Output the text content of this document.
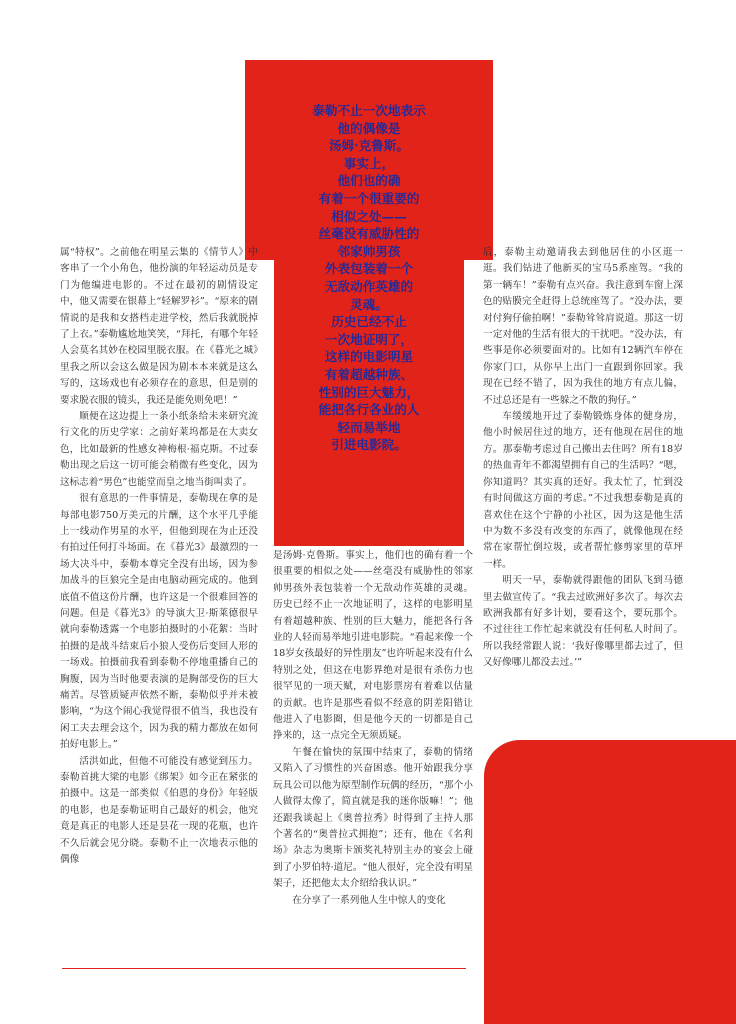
泰勒不止一次地表示
他的偶像是
汤姆·克鲁斯。
事实上，
他们也的确
有着一个很重要的
相似之处——
丝毫没有威胁性的
邻家帅男孩
外表包装着一个
无敌动作英雄的
灵魂。
历史已经不止
一次地证明了，
这样的电影明星
有着超越种族、
性别的巨大魅力，
能把各行各业的人
轻而易举地
引进电影院。

属“特权”。之前他在明星云集的《情节人》中客串了一个小角色，他扮演的年轻运动员是专门为他编进电影的。不过在最初的剧情设定中，他又需要在银幕上“轻解罗衫”。“原来的剧情说的是我和女搭档走进学校，然后我就脱掉了上衣。”泰勒尴尬地笑笑，“拜托，有哪个年轻人会莫名其妙在校园里脱衣服。在《暮光之城》里我之所以会这么做是因为剧本本来就是这么写的，这场戏也有必须存在的意思，但是别的要求脱衣服的镜头，我还是能免则免吧！”

顺便在这边提上一条小纸条给未来研究流行文化的历史学家：之前好莱坞都是在大卖女色，比如最新的性感女神梅根·福克斯。不过泰勒出现之后这一切可能会稍微有些变化，因为这标志着“男色”也能堂而皇之地当街叫卖了。

很有意思的一件事情是，泰勒现在拿的是每部电影750万美元的片酬，这个水平几乎能上一线动作男星的水平，但他到现在为止还没有拍过任何打斗场面。在《暮光3》最激烈的一场大决斗中，泰勒本尊完全没有出场，因为参加战斗的巨狼完全是由电脑动画完成的。他到底值不值这份片酬，也许这是一个很难回答的问题。但是《暮光3》的导演大卫·斯莱德很早就向泰勒透露一个电影拍摄时的小花絮：当时拍摄的是战斗结束后小狼人受伤后变回人形的一场戏。拍摄前我看到泰勒不停地重播自己的胸腹，因为当时他要表演的是胸部受伤的巨大痛苦。尽管质疑声依然不断，泰勒似乎并未被影响，“为这个闹心我觉得很不值当，我也没有闲工夫去理会这个，因为我的精力都放在如何拍好电影上。”

活洪如此，但他不可能没有感觉到压力。泰勒首挑大梁的电影《绑架》如今正在紧张的拍摄中。这是一部类似《伯恩的身份》年轻版的电影，也是泰勒证明自己最好的机会，他究竟是真正的电影人还是昙花一现的花瓶，也许不久后就会见分晓。泰勒不止一次地表示他的偶像

是汤姆·克鲁斯。事实上，他们也的确有着一个很重要的相似之处——丝毫没有威胁性的邻家帅男孩外表包装着一个无敌动作英雄的灵魂。历史已经不止一次地证明了，这样的电影明星有着超越种族、性别的巨大魅力，能把各行各业的人轻而易举地引进电影院。“看起来像一个18岁女孩最好的异性朋友”也许听起来没有什么特别之处，但这在电影界绝对是很有杀伤力也很罕见的一项天赋，对电影票房有着难以估量的贡献。也许是那些看似不经意的阴差阳错让他进入了电影圈，但是他今天的一切都是自己挣来的，这一点完全无须质疑。

午餐在愉快的氛围中结束了，泰勒的情绪又陷入了习惯性的兴奋困惑。他开始跟我分享玩具公司以他为原型制作玩偶的经历，“那个小人做得太像了，简直就是我的迷你版嘛！”；他还跟我谈起上《奥普拉秀》时得到了主持人那个著名的“奥普拉式拥抱”；还有，他在《名利场》杂志为奥斯卡颁奖礼特别主办的宴会上碰到了小罗伯特·道尼。“他人很好，完全没有明星架子，还把他太太介绍给我认识。”

在分享了一系列他人生中惊人的变化

后，泰勒主动邀请我去到他居住的小区逛一逛。我们钻进了他新买的宝马5系座驾。“我的第一辆车！”泰勒有点兴奋。我注意到车窗上深色的贴膜完全赶得上总统座驾了。“没办法，要对付狗仔偷拍啊！”泰勒耸耸肩说道。那这一切一定对他的生活有很大的干扰吧。“没办法，有些事是你必须要面对的。比如有12辆汽车停在你家门口，从你早上出门一直跟到你回家。我现在已经不错了，因为我住的地方有点儿偏，不过总还是有一些躲之不散的狗仔。”

车缓缓地开过了泰勒锻炼身体的健身房，他小时候居住过的地方，还有他现在居住的地方。那泰勒考虑过自己搬出去住吗？所有18岁的热血青年不都渴望拥有自己的生活吗？“嗯，你知道吗？其实真的还好。我太忙了，忙到没有时间做这方面的考虑。”不过我想泰勒是真的喜欢住在这个宁静的小社区，因为这是他生活中为数不多没有改变的东西了，就像他现在经常在家帮忙倒垃圾，或者帮忙修剪家里的草坪一样。

明天一早，泰勒就得跟他的团队飞到马德里去做宣传了。“我去过欧洲好多次了。每次去欧洲我都有好多计划，要看这个，要玩那个。不过往往工作忙起来就没有任何私人时间了。所以我经常跟人说：‘我好像哪里都去过了，但又好像哪儿都没去过。’”
